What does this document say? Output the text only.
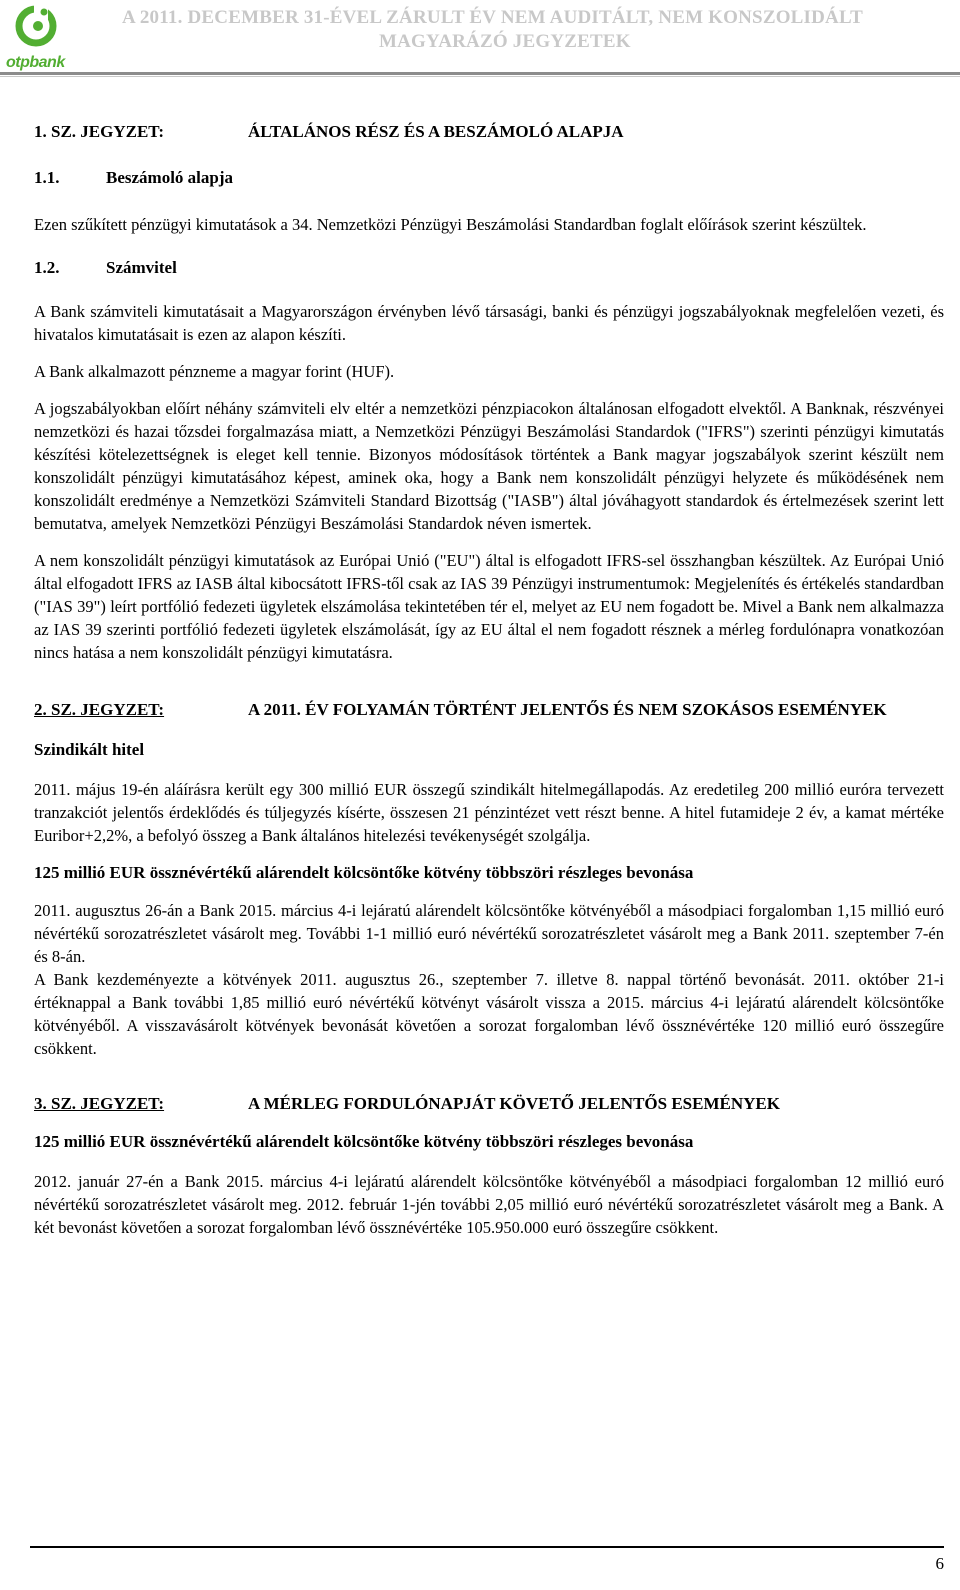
otpbank
A 2011. DECEMBER 31-ÉVEL ZÁRULT ÉV NEM AUDITÁLT, NEM KONSZOLIDÁLT
MAGYARÁZÓ JEGYZETEK
1. SZ. JEGYZET:	ÁLTALÁNOS RÉSZ ÉS A BESZÁMOLÓ ALAPJA
1.1.	Beszámoló alapja

Ezen szűkített pénzügyi kimutatások a 34. Nemzetközi Pénzügyi Beszámolási Standardban foglalt előírások szerint készültek.

1.2.	Számvitel

A Bank számviteli kimutatásait a Magyarországon érvényben lévő társasági, banki és pénzügyi jogszabályoknak megfelelően vezeti, és hivatalos kimutatásait is ezen az alapon készíti.

A Bank alkalmazott pénzneme a magyar forint (HUF).

A jogszabályokban előírt néhány számviteli elv eltér a nemzetközi pénzpiacokon általánosan elfogadott elvektől. A Banknak, részvényei nemzetközi és hazai tőzsdei forgalmazása miatt, a Nemzetközi Pénzügyi Beszámolási Standardok ("IFRS") szerinti pénzügyi kimutatás készítési kötelezettségnek is eleget kell tennie. Bizonyos módosítások történtek a Bank magyar jogszabályok szerint készült nem konszolidált pénzügyi kimutatásához képest, aminek oka, hogy a Bank nem konszolidált pénzügyi helyzete és működésének nem konszolidált eredménye a Nemzetközi Számviteli Standard Bizottság ("IASB") által jóváhagyott standardok és értelmezések szerint lett bemutatva, amelyek Nemzetközi Pénzügyi Beszámolási Standardok néven ismertek.

A nem konszolidált pénzügyi kimutatások az Európai Unió ("EU") által is elfogadott IFRS-sel összhangban készültek. Az Európai Unió által elfogadott IFRS az IASB által kibocsátott IFRS-től csak az IAS 39 Pénzügyi instrumentumok: Megjelenítés és értékelés standardban ("IAS 39") leírt portfólió fedezeti ügyletek elszámolása tekintetében tér el, melyet az EU nem fogadott be. Mivel a Bank nem alkalmazza az IAS 39 szerinti portfólió fedezeti ügyletek elszámolását, így az EU által el nem fogadott résznek a mérleg fordulónapra vonatkozóan nincs hatása a nem konszolidált pénzügyi kimutatásra.

2. SZ. JEGYZET:	A 2011. ÉV FOLYAMÁN TÖRTÉNT JELENTŐS ÉS NEM SZOKÁSOS ESEMÉNYEK
Szindikált hitel

2011. május 19-én aláírásra került egy 300 millió EUR összegű szindikált hitelmegállapodás. Az eredetileg 200 millió euróra tervezett tranzakciót jelentős érdeklődés és túljegyzés kísérte, összesen 21 pénzintézet vett részt benne. A hitel futamideje 2 év, a kamat mértéke Euribor+2,2%, a befolyó összeg a Bank általános hitelezési tevékenységét szolgálja.

125 millió EUR össznévértékű alárendelt kölcsöntőke kötvény többszöri részleges bevonása

2011. augusztus 26-án a Bank 2015. március 4-i lejáratú alárendelt kölcsöntőke kötvényéből a másodpiaci forgalomban 1,15 millió euró névértékű sorozatrészletet vásárolt meg. További 1-1 millió euró névértékű sorozatrészletet vásárolt meg a Bank 2011. szeptember 7-én és 8-án.

A Bank kezdeményezte a kötvények 2011. augusztus 26., szeptember 7. illetve 8. nappal történő bevonását. 2011. október 21-i értéknappal a Bank további 1,85 millió euró névértékű kötvényt vásárolt vissza a 2015. március 4-i lejáratú alárendelt kölcsöntőke kötvényéből. A visszavásárolt kötvények bevonását követően a sorozat forgalomban lévő össznévértéke 120 millió euró összegűre csökkent.

3. SZ. JEGYZET:	A MÉRLEG FORDULÓNAPJÁT KÖVETŐ JELENTŐS ESEMÉNYEK
125 millió EUR össznévértékű alárendelt kölcsöntőke kötvény többszöri részleges bevonása

2012. január 27-én a Bank 2015. március 4-i lejáratú alárendelt kölcsöntőke kötvényéből a másodpiaci forgalomban 12 millió euró névértékű sorozatrészletet vásárolt meg. 2012. február 1-jén további 2,05 millió euró névértékű sorozatrészletet vásárolt meg a Bank. A két bevonást követően a sorozat forgalomban lévő össznévértéke 105.950.000 euró összegűre csökkent.

6
